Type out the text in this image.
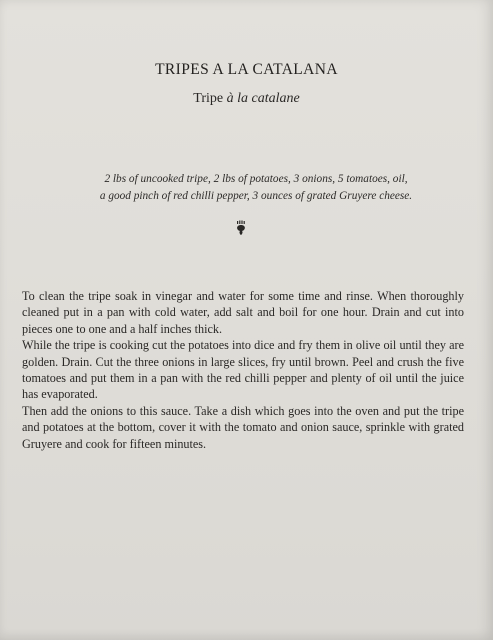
TRIPES A LA CATALANA
Tripe à la catalane
2 lbs of uncooked tripe, 2 lbs of potatoes, 3 onions, 5 tomatoes, oil,
a good pinch of red chilli pepper, 3 ounces of grated Gruyere cheese.

To clean the tripe soak in vinegar and water for some time and rinse. When thoroughly cleaned put in a pan with cold water, add salt and boil for one hour. Drain and cut into pieces one to one and a half inches thick.

While the tripe is cooking cut the potatoes into dice and fry them in olive oil until they are golden. Drain. Cut the three onions in large slices, fry until brown. Peel and crush the five tomatoes and put them in a pan with the red chilli pepper and plenty of oil until the juice has evaporated.

Then add the onions to this sauce. Take a dish which goes into the oven and put the tripe and potatoes at the bottom, cover it with the tomato and onion sauce, sprinkle with grated Gruyere and cook for fifteen minutes.
